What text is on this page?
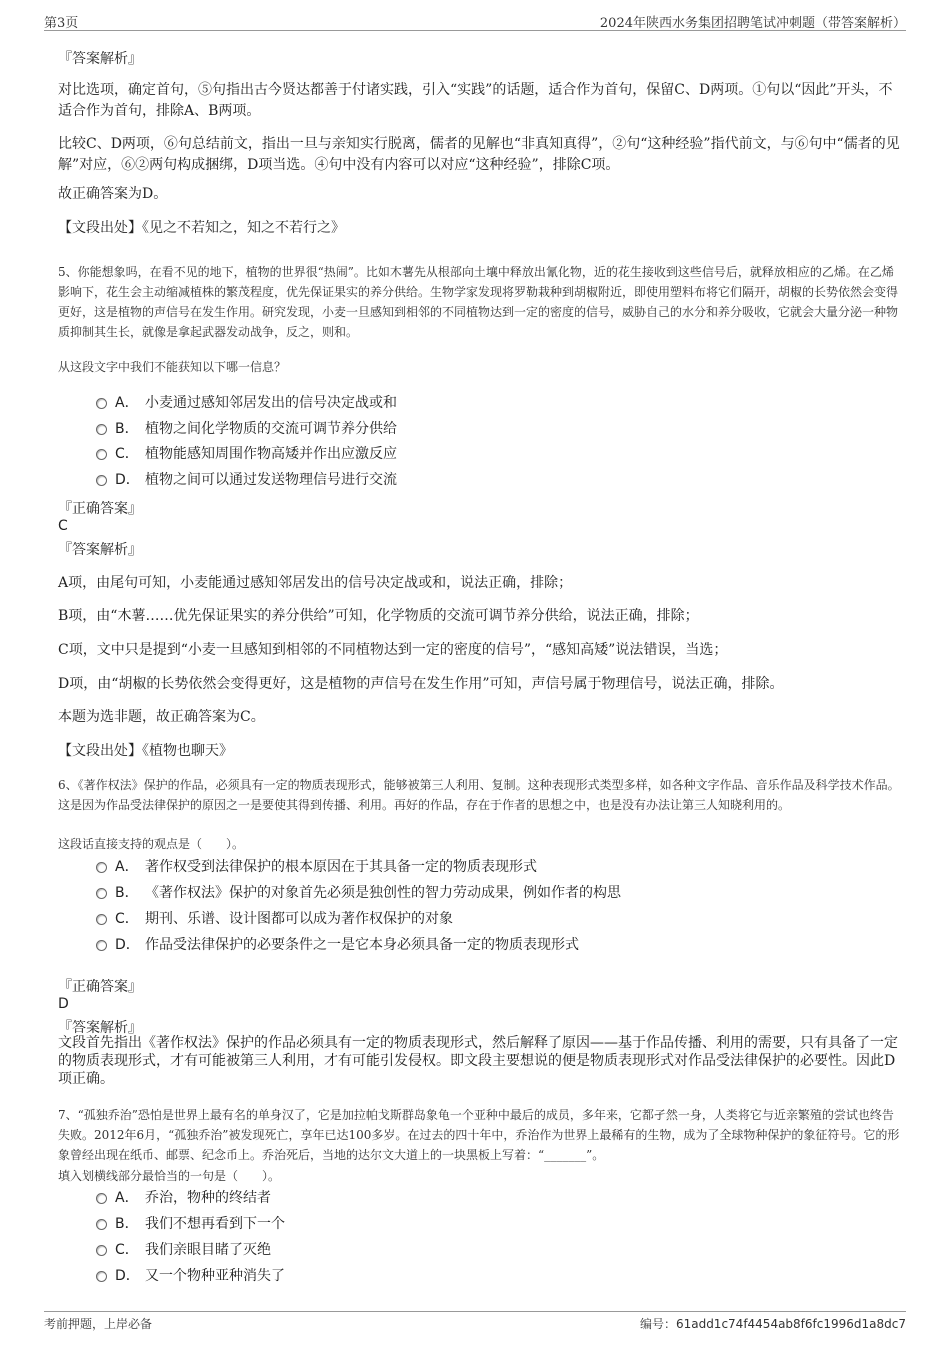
第3页	2024年陕西水务集团招聘笔试冲刺题（带答案解析）
『答案解析』
对比选项，确定首句，⑤句指出古今贤达都善于付诸实践，引入“实践”的话题，适合作为首句，保留C、D两项。①句以“因此”开头，不适合作为首句，排除A、B两项。
比较C、D两项，⑥句总结前文，指出一旦与亲知实行脱离，儒者的见解也“非真知真得”，②句“这种经验”指代前文，与⑥句中“儒者的见解”对应，⑥②两句构成捆绑，D项当选。④句中没有内容可以对应“这种经验”，排除C项。
故正确答案为D。
【文段出处】《见之不若知之，知之不若行之》
5、你能想象吗，在看不见的地下，植物的世界很“热闹”。比如木薯先从根部向土壤中释放出氰化物，近的花生接收到这些信号后，就释放相应的乙烯。在乙烯影响下，花生会主动缩减植株的繁茂程度，优先保证果实的养分供给。生物学家发现将罗勒栽种到胡椒附近，即使用塑料布将它们隔开，胡椒的长势依然会变得更好，这是植物的声信号在发生作用。研究发现，小麦一旦感知到相邻的不同植物达到一定的密度的信号，威胁自己的水分和养分吸收，它就会大量分泌一种物质抑制其生长，就像是拿起武器发动战争，反之，则和。
从这段文字中我们不能获知以下哪一信息？
A． 小麦通过感知邻居发出的信号决定战或和
B． 植物之间化学物质的交流可调节养分供给
C． 植物能感知周围作物高矮并作出应激反应
D． 植物之间可以通过发送物理信号进行交流
『正确答案』
C
『答案解析』
A项，由尾句可知，小麦能通过感知邻居发出的信号决定战或和，说法正确，排除；
B项，由“木薯……优先保证果实的养分供给”可知，化学物质的交流可调节养分供给，说法正确，排除；
C项，文中只是提到“小麦一旦感知到相邻的不同植物达到一定的密度的信号”，“感知高矮”说法错误，当选；
D项，由“胡椒的长势依然会变得更好，这是植物的声信号在发生作用”可知，声信号属于物理信号，说法正确，排除。
本题为选非题，故正确答案为C。
【文段出处】《植物也聊天》
6、《著作权法》保护的作品，必须具有一定的物质表现形式，能够被第三人利用、复制。这种表现形式类型多样，如各种文字作品、音乐作品及科学技术作品。这是因为作品受法律保护的原因之一是要使其得到传播、利用。再好的作品，存在于作者的思想之中，也是没有办法让第三人知晓利用的。
这段话直接支持的观点是（　　）。
A． 著作权受到法律保护的根本原因在于其具备一定的物质表现形式
B． 《著作权法》保护的对象首先必须是独创性的智力劳动成果，例如作者的构思
C． 期刊、乐谱、设计图都可以成为著作权保护的对象
D． 作品受法律保护的必要条件之一是它本身必须具备一定的物质表现形式
『正确答案』
D
『答案解析』
文段首先指出《著作权法》保护的作品必须具有一定的物质表现形式，然后解释了原因——基于作品传播、利用的需要，只有具备了一定的物质表现形式，才有可能被第三人利用，才有可能引发侵权。即文段主要想说的便是物质表现形式对作品受法律保护的必要性。因此D项正确。
7、“孤独乔治”恐怕是世界上最有名的单身汉了，它是加拉帕戈斯群岛象龟一个亚种中最后的成员，多年来，它都孑然一身，人类将它与近亲繁殖的尝试也终告失败。2012年6月，“孤独乔治”被发现死亡，享年已达100多岁。在过去的四十年中，乔治作为世界上最稀有的生物，成为了全球物种保护的象征符号。它的形象曾经出现在纸币、邮票、纪念币上。乔治死后，当地的达尔文大道上的一块黑板上写着：“_______”。
填入划横线部分最恰当的一句是（　　）。
A． 乔治，物种的终结者
B． 我们不想再看到下一个
C． 我们亲眼目睹了灭绝
D． 又一个物种亚种消失了
考前押题，上岸必备	编号：61add1c74f4454ab8f6fc1996d1a8dc7
